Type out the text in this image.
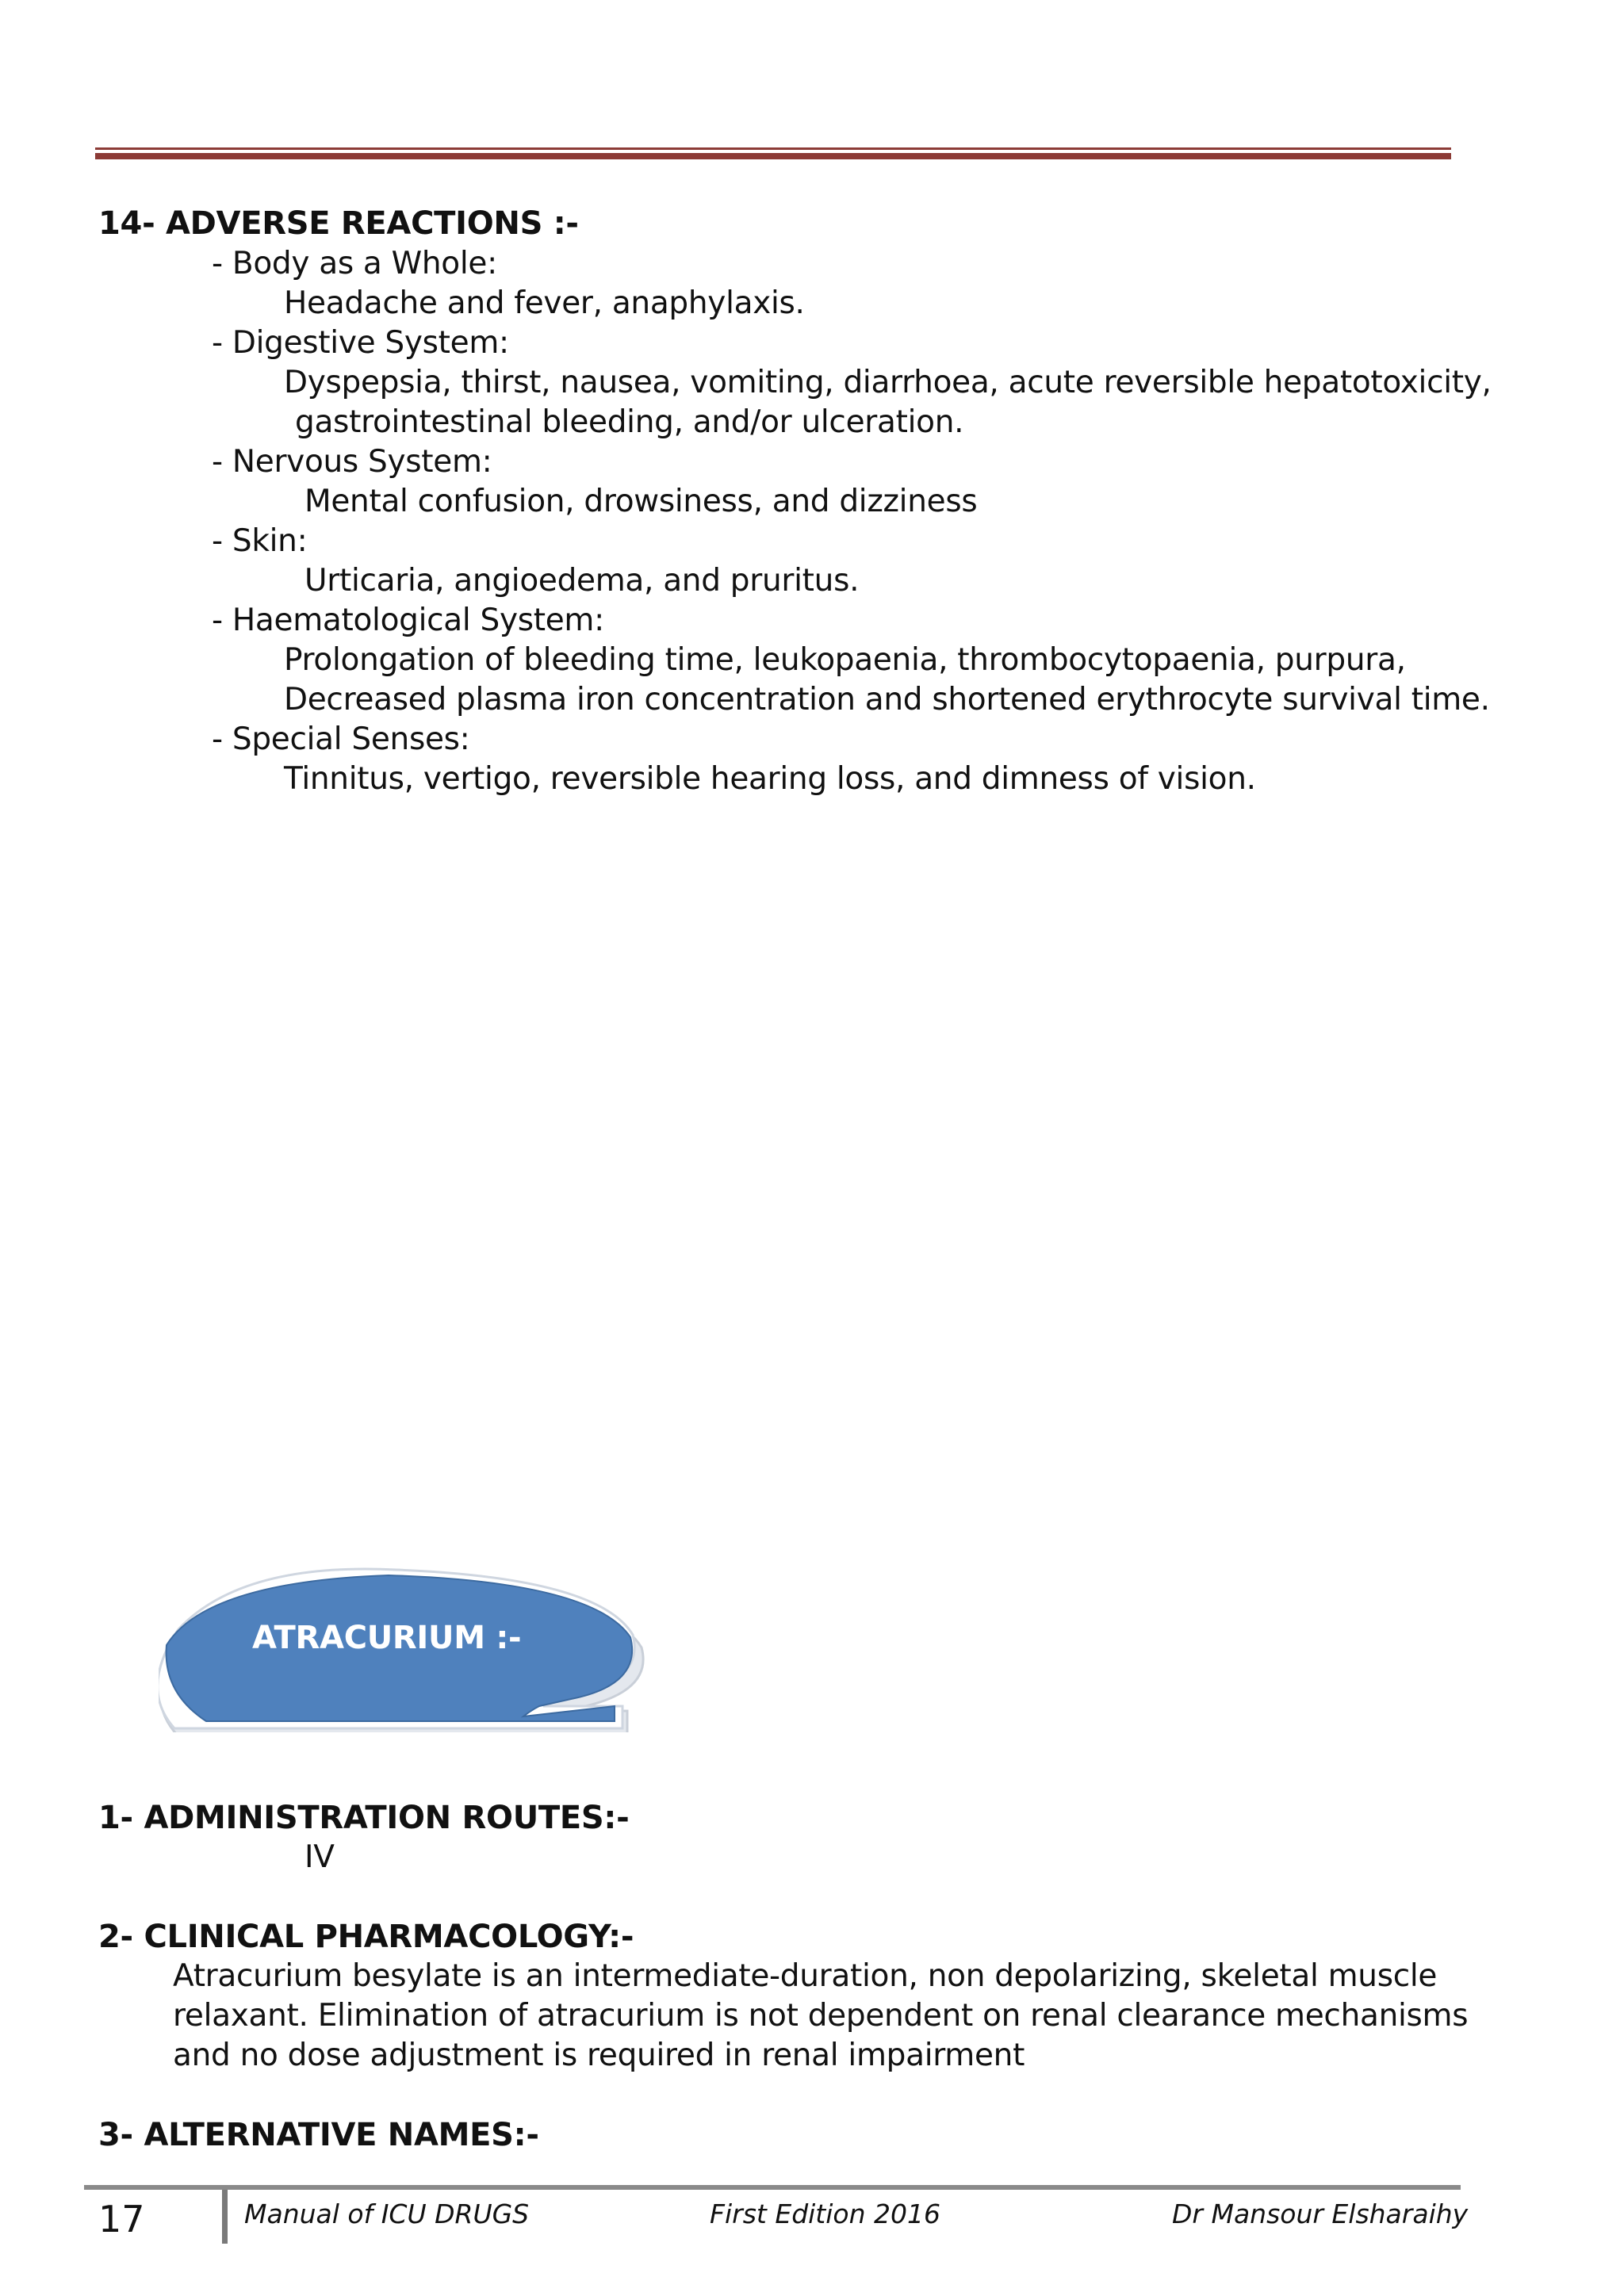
14- ADVERSE REACTIONS :-
- Body as a Whole:
Headache and fever, anaphylaxis.
- Digestive System:
Dyspepsia, thirst, nausea, vomiting, diarrhoea, acute reversible hepatotoxicity,
gastrointestinal bleeding, and/or ulceration.
- Nervous System:
Mental confusion, drowsiness, and dizziness
- Skin:
Urticaria, angioedema, and pruritus.
- Haematological System:
Prolongation of bleeding time, leukopaenia, thrombocytopaenia, purpura,
Decreased plasma iron concentration and shortened erythrocyte survival time.
- Special Senses:
Tinnitus, vertigo, reversible hearing loss, and dimness of vision.
ATRACURIUM :-
1- ADMINISTRATION ROUTES:-
IV
2- CLINICAL PHARMACOLOGY:-
Atracurium besylate is an intermediate-duration, non depolarizing, skeletal muscle
relaxant. Elimination of atracurium is not dependent on renal clearance mechanisms
and no dose adjustment is required in renal impairment
3- ALTERNATIVE NAMES:-
17	Manual of ICU DRUGS	First Edition 2016	Dr Mansour Elsharaihy
